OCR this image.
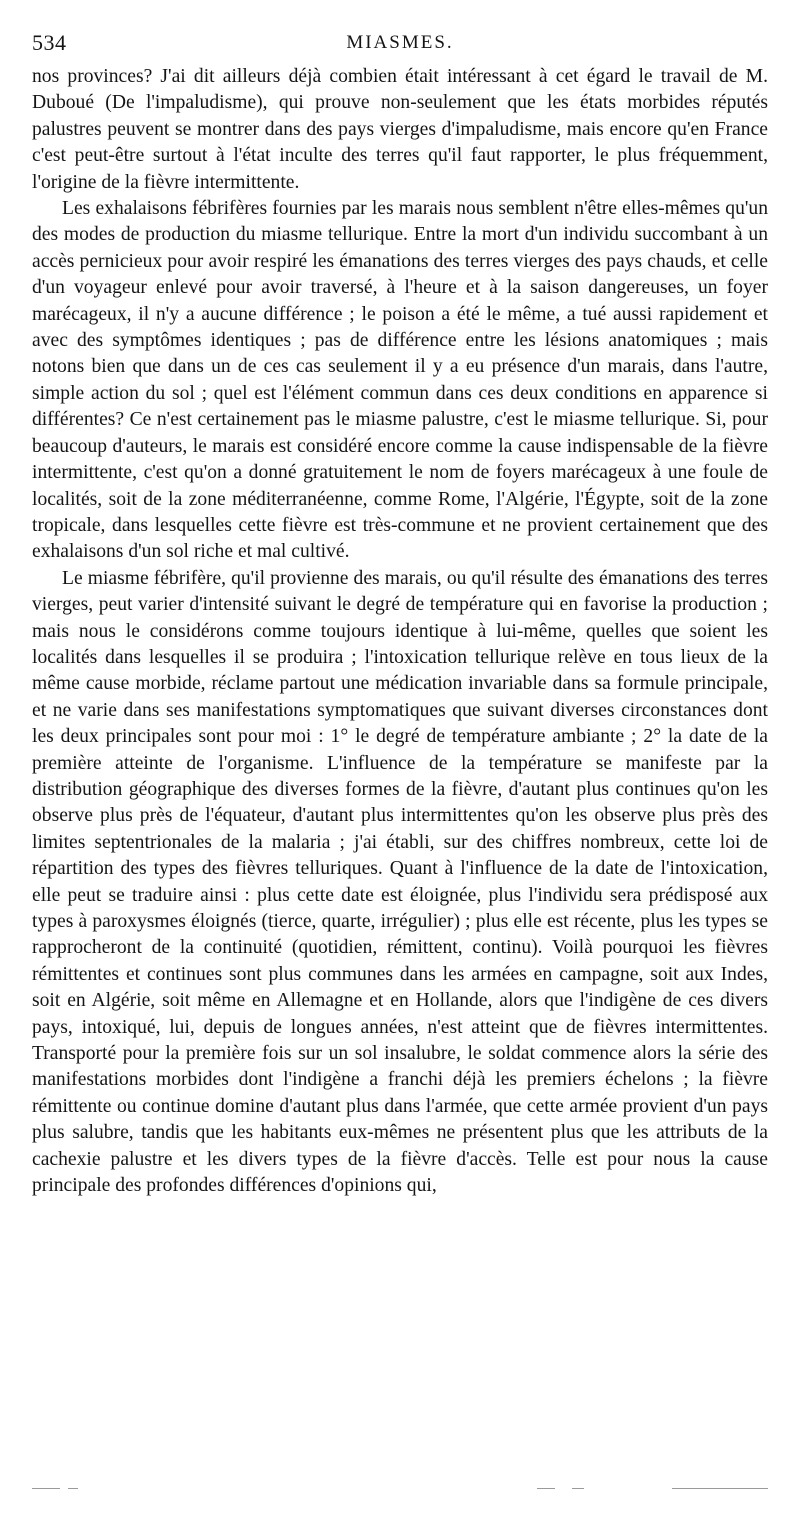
534	MIASMES.

nos provinces? J'ai dit ailleurs déjà combien était intéressant à cet égard le travail de M. Duboué (De l'impaludisme), qui prouve non-seulement que les états morbides réputés palustres peuvent se montrer dans des pays vierges d'impaludisme, mais encore qu'en France c'est peut-être surtout à l'état inculte des terres qu'il faut rapporter, le plus fréquemment, l'origine de la fièvre intermittente.

Les exhalaisons fébrifères fournies par les marais nous semblent n'être elles-mêmes qu'un des modes de production du miasme tellurique. Entre la mort d'un individu succombant à un accès pernicieux pour avoir respiré les émanations des terres vierges des pays chauds, et celle d'un voyageur enlevé pour avoir traversé, à l'heure et à la saison dangereuses, un foyer marécageux, il n'y a aucune différence ; le poison a été le même, a tué aussi rapidement et avec des symptômes identiques ; pas de différence entre les lésions anatomiques ; mais notons bien que dans un de ces cas seulement il y a eu présence d'un marais, dans l'autre, simple action du sol ; quel est l'élément commun dans ces deux conditions en apparence si différentes? Ce n'est certainement pas le miasme palustre, c'est le miasme tellurique. Si, pour beaucoup d'auteurs, le marais est considéré encore comme la cause indispensable de la fièvre intermittente, c'est qu'on a donné gratuitement le nom de foyers marécageux à une foule de localités, soit de la zone méditerranéenne, comme Rome, l'Algérie, l'Égypte, soit de la zone tropicale, dans lesquelles cette fièvre est très-commune et ne provient certainement que des exhalaisons d'un sol riche et mal cultivé.

Le miasme fébrifère, qu'il provienne des marais, ou qu'il résulte des émanations des terres vierges, peut varier d'intensité suivant le degré de température qui en favorise la production ; mais nous le considérons comme toujours identique à lui-même, quelles que soient les localités dans lesquelles il se produira ; l'intoxication tellurique relève en tous lieux de la même cause morbide, réclame partout une médication invariable dans sa formule principale, et ne varie dans ses manifestations symptomatiques que suivant diverses circonstances dont les deux principales sont pour moi : 1° le degré de température ambiante ; 2° la date de la première atteinte de l'organisme. L'influence de la température se manifeste par la distribution géographique des diverses formes de la fièvre, d'autant plus continues qu'on les observe plus près de l'équateur, d'autant plus intermittentes qu'on les observe plus près des limites septentrionales de la malaria ; j'ai établi, sur des chiffres nombreux, cette loi de répartition des types des fièvres telluriques. Quant à l'influence de la date de l'intoxication, elle peut se traduire ainsi : plus cette date est éloignée, plus l'individu sera prédisposé aux types à paroxysmes éloignés (tierce, quarte, irrégulier) ; plus elle est récente, plus les types se rapprocheront de la continuité (quotidien, rémittent, continu). Voilà pourquoi les fièvres rémittentes et continues sont plus communes dans les armées en campagne, soit aux Indes, soit en Algérie, soit même en Allemagne et en Hollande, alors que l'indigène de ces divers pays, intoxiqué, lui, depuis de longues années, n'est atteint que de fièvres intermittentes. Transporté pour la première fois sur un sol insalubre, le soldat commence alors la série des manifestations morbides dont l'indigène a franchi déjà les premiers échelons ; la fièvre rémittente ou continue domine d'autant plus dans l'armée, que cette armée provient d'un pays plus salubre, tandis que les habitants eux-mêmes ne présentent plus que les attributs de la cachexie palustre et les divers types de la fièvre d'accès. Telle est pour nous la cause principale des profondes différences d'opinions qui,
